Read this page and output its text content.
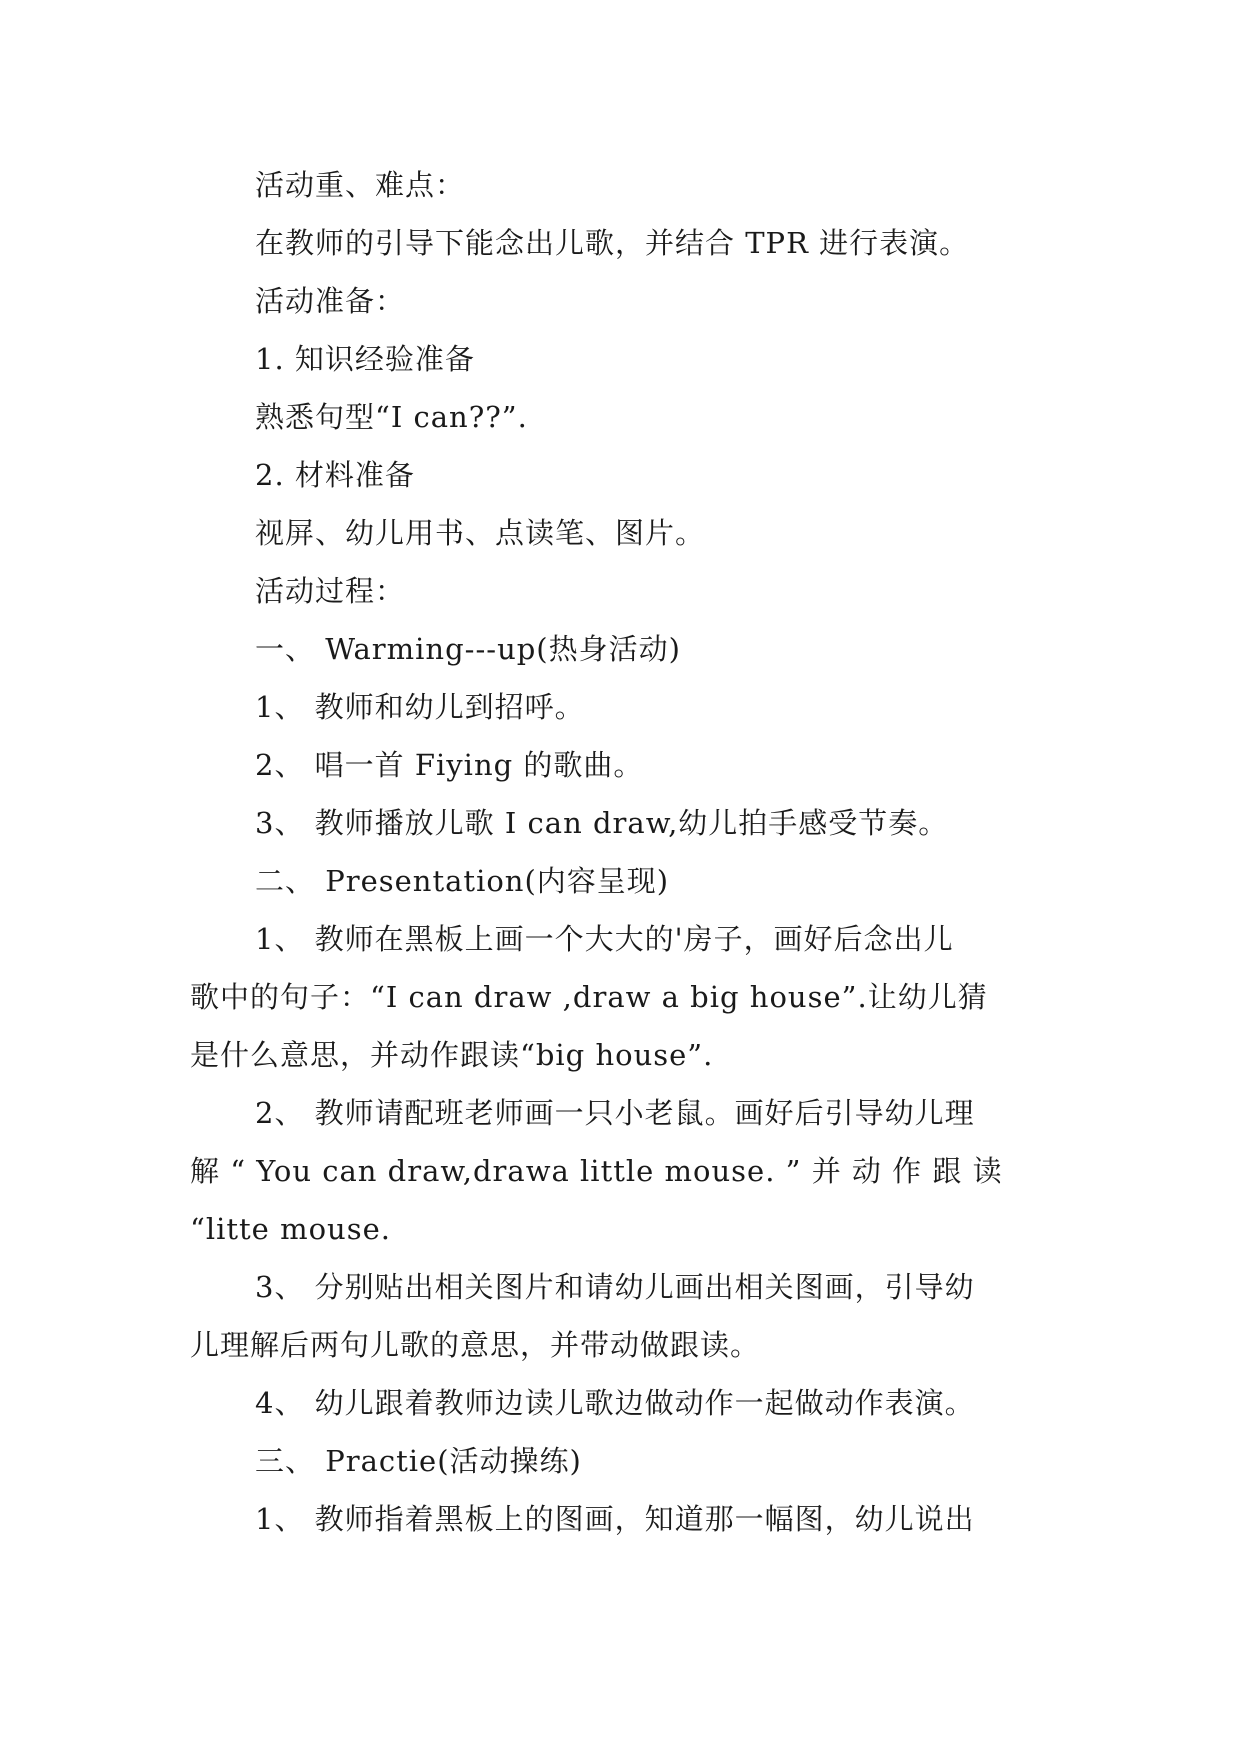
活动重、难点：
在教师的引导下能念出儿歌，并结合 TPR 进行表演。
活动准备：
1. 知识经验准备
熟悉句型“I can??”.
2. 材料准备
视屏、幼儿用书、点读笔、图片。
活动过程：
一、 Warming---up(热身活动)
1、 教师和幼儿到招呼。
2、 唱一首 Fiying 的歌曲。
3、 教师播放儿歌 I can draw,幼儿拍手感受节奏。
二、 Presentation(内容呈现)
1、 教师在黑板上画一个大大的'房子，画好后念出儿
歌中的句子：“I can draw ,draw a big house”.让幼儿猜
是什么意思，并动作跟读“big house”.
2、 教师请配班老师画一只小老鼠。画好后引导幼儿理
解 “ You can draw,drawa little mouse. ” 并 动 作 跟 读
“litte mouse.
3、 分别贴出相关图片和请幼儿画出相关图画，引导幼
儿理解后两句儿歌的意思，并带动做跟读。
4、 幼儿跟着教师边读儿歌边做动作一起做动作表演。
三、 Practie(活动操练)
1、 教师指着黑板上的图画，知道那一幅图，幼儿说出
